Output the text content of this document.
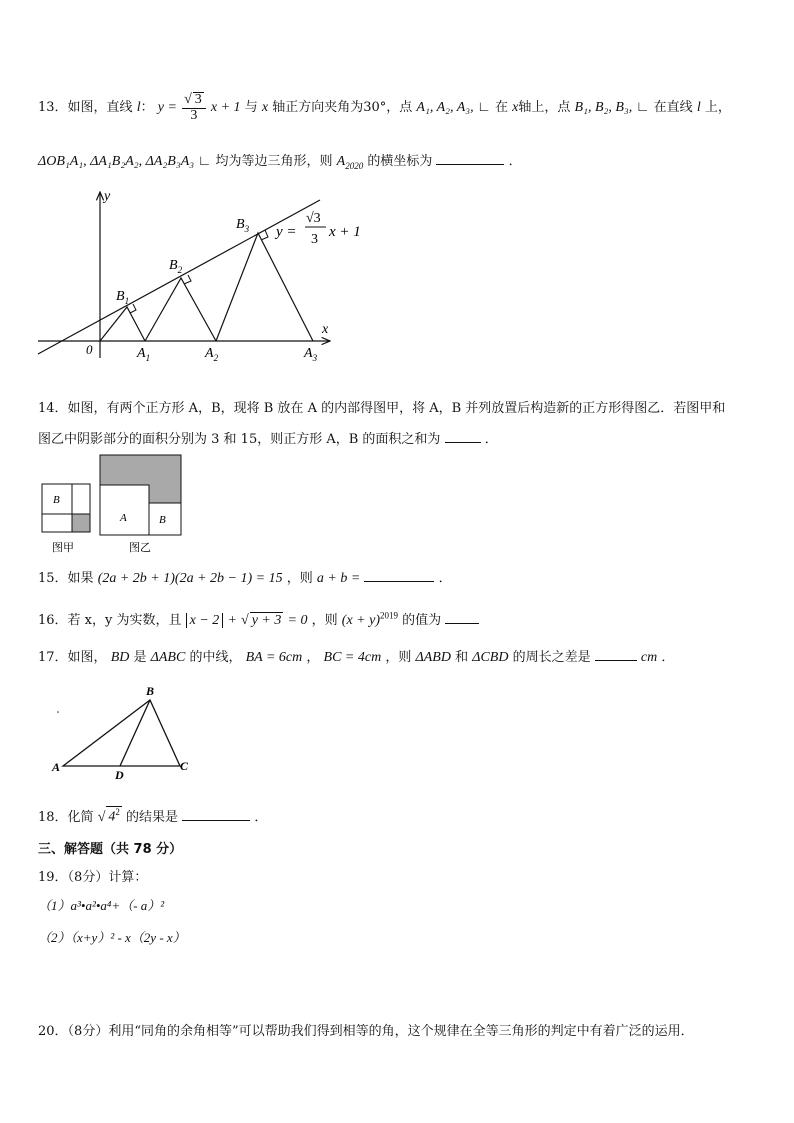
13．如图，直线 l： $y = \frac{√ 3}{3}$ x + 1 与 x 轴正方向夹角为30°，点 A₁, A₂, A₃, ∟ 在 x轴上，点 B₁, B₂, B₃, ∟ 在直线 l 上，
ΔOB₁A₁, ΔA₁B₂A₂, ΔA₂B₃A₃ ∟ 均为等边三角形，则 $A_{2020}$ 的横坐标为	．
y
x
0
$B_1$
$B_2$
$B_3$
$A_1$	$A_2$	$A_3$
y =
√3
3 x + 1
14．如图，有两个正方形 A，B，现将 B 放在 A 的内部得图甲，将 A，B 并列放置后构造新的正方形得图乙．若图甲和
图乙中阴影部分的面积分别为 3 和 15，则正方形 A，B 的面积之和为	．
B
图甲
A	B
图乙
15．如果 (2a + 2b + 1)(2a + 2b − 1) = 15 ，则 a + b =	．
16．若 x，y 为实数，且 x − 2 + √ y + 3 = 0 ，则 $(x + y)^{2019}$ 的值为
17．如图， BD 是 ΔABC 的中线， BA = 6cm ， BC = 4cm ，则 ΔABD 和 ΔCBD 的周长之差是	cm ．
A
B
C
D
18．化简 √ $4^2$ 的结果是	．
三、解答题（共 78 分）
19．（8分）计算：
（1）a³•a²•a⁴+（- a）²
（2）（x+y）² - x（2y - x）
20．（8分）利用“同角的余角相等”可以帮助我们得到相等的角，这个规律在全等三角形的判定中有着广泛的运用．
